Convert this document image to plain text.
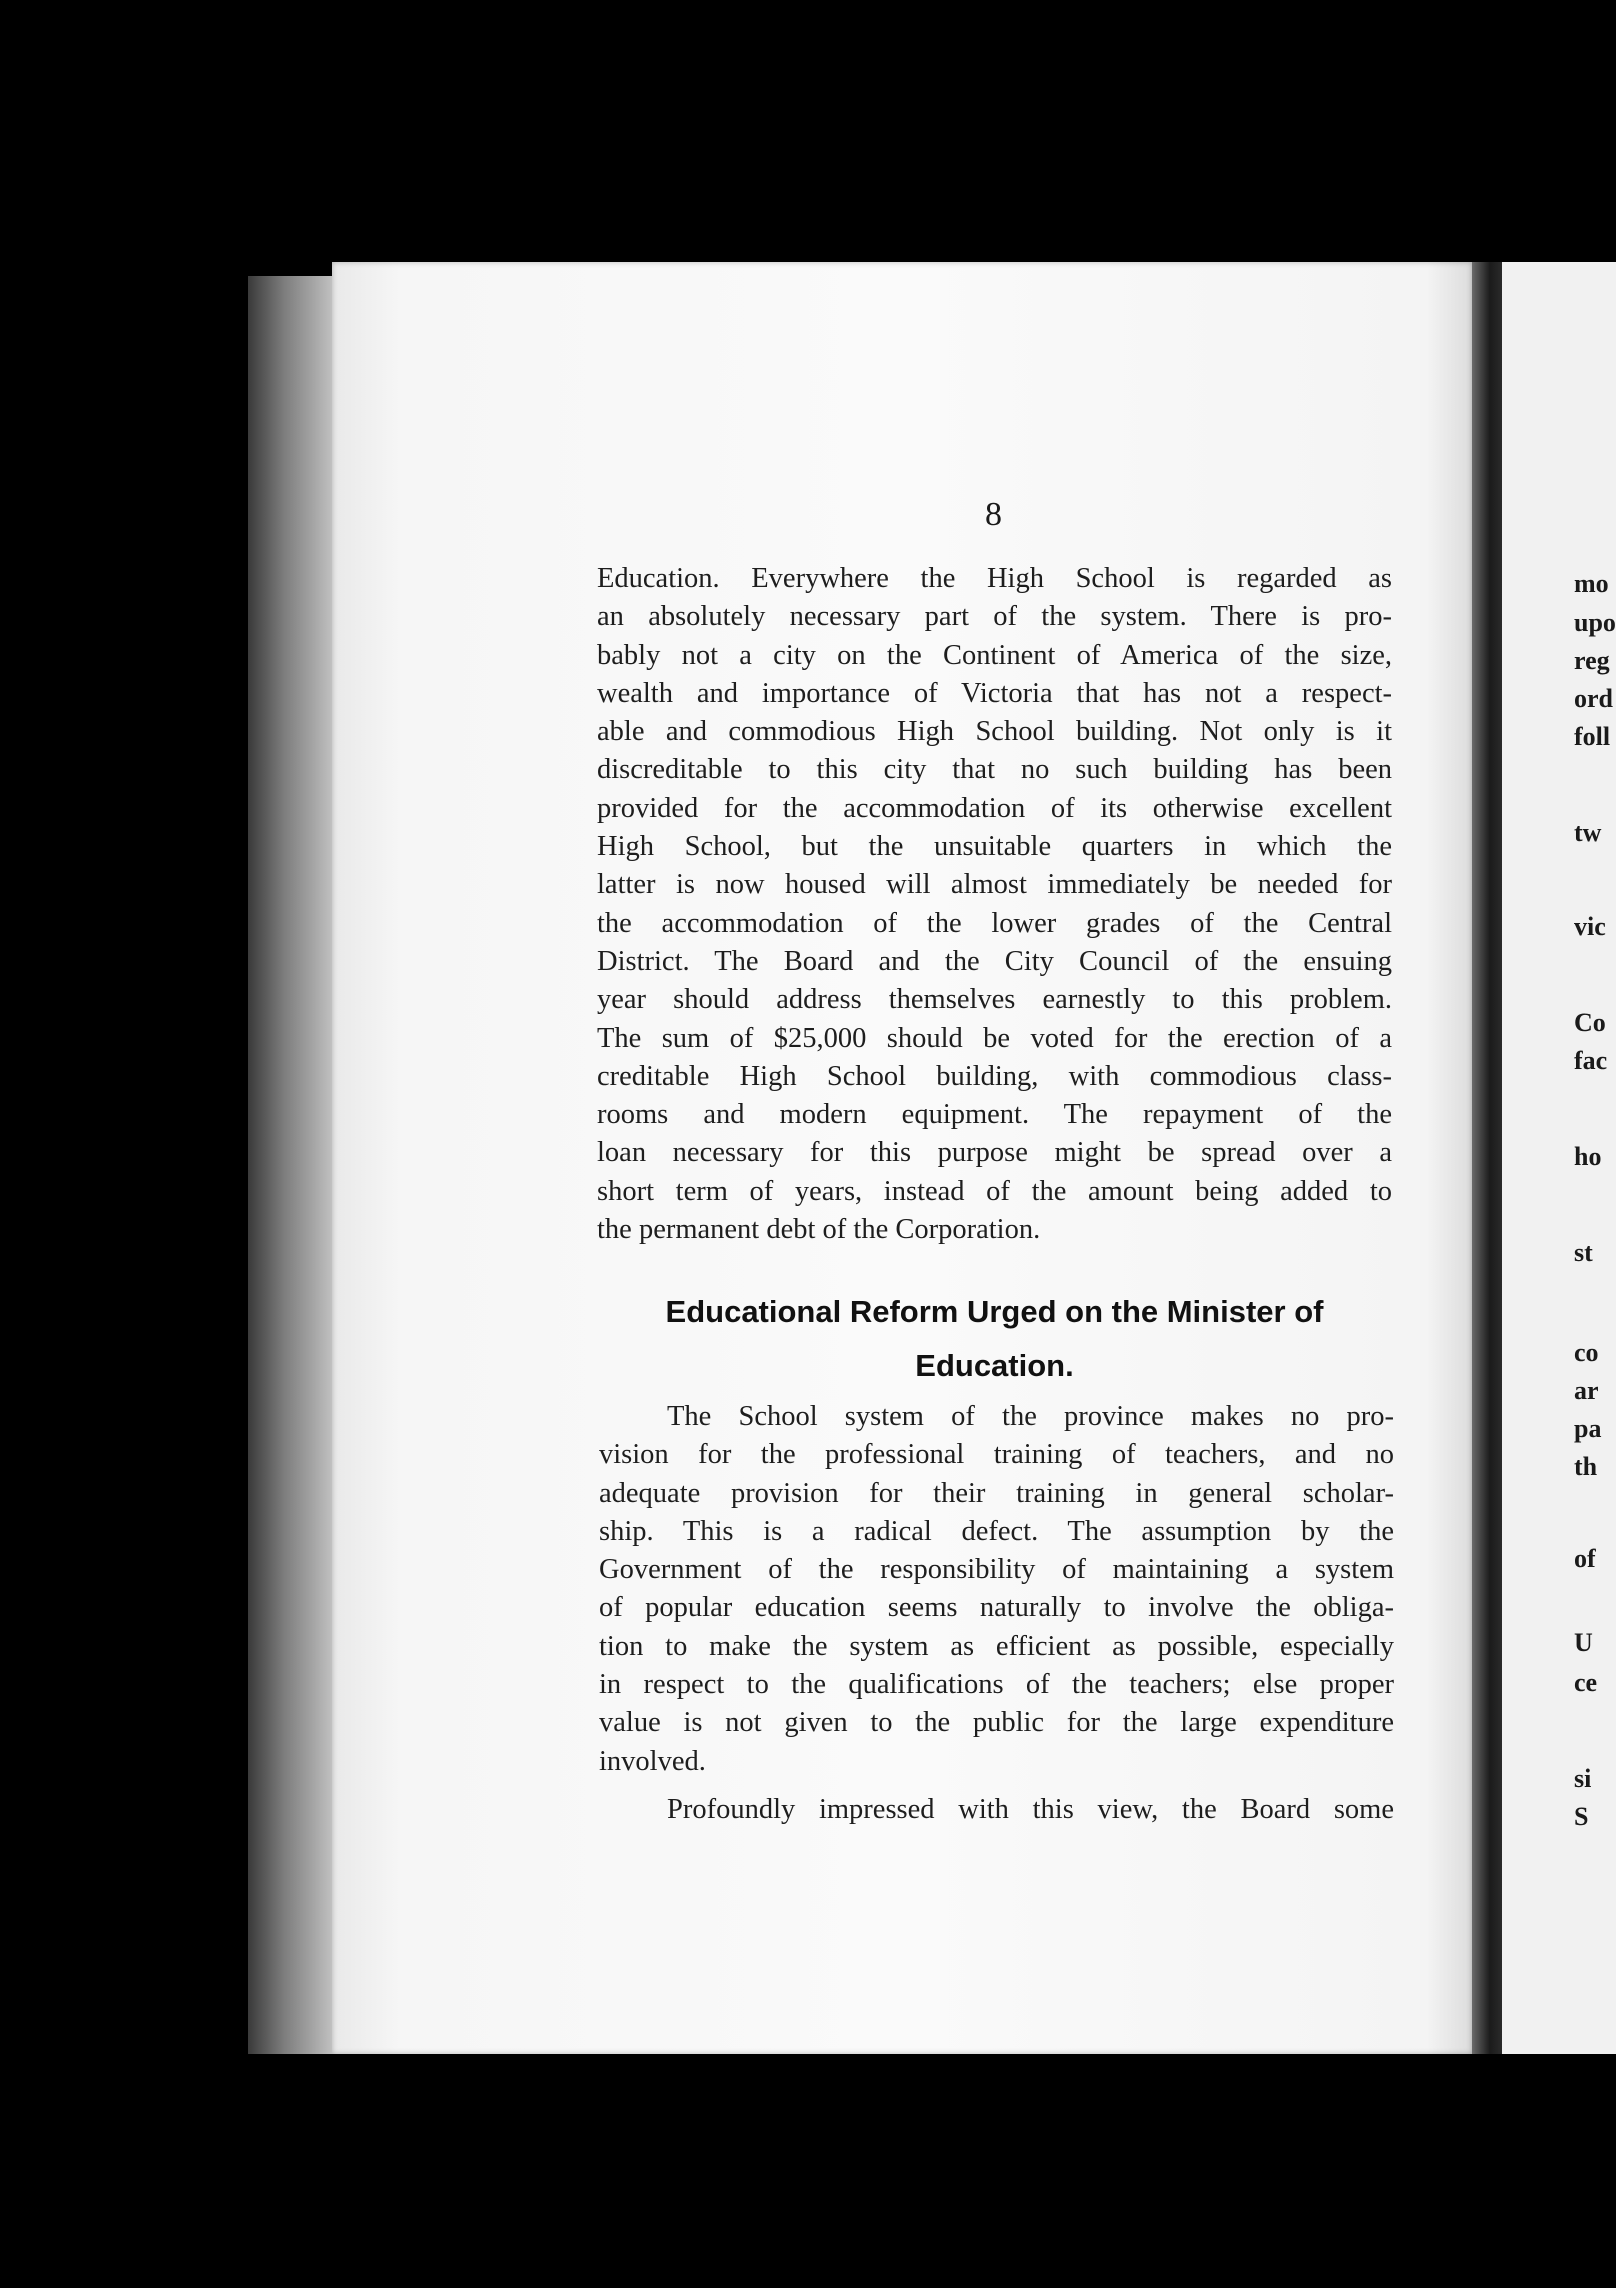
8
Education. Everywhere the High School is regarded as
an absolutely necessary part of the system. There is pro-
bably not a city on the Continent of America of the size,
wealth and importance of Victoria that has not a respect-
able and commodious High School building. Not only is it
discreditable to this city that no such building has been
provided for the accommodation of its otherwise excellent
High School, but the unsuitable quarters in which the
latter is now housed will almost immediately be needed for
the accommodation of the lower grades of the Central
District. The Board and the City Council of the ensuing
year should address themselves earnestly to this problem.
The sum of $25,000 should be voted for the erection of a
creditable High School building, with commodious class-
rooms and modern equipment. The repayment of the
loan necessary for this purpose might be spread over a
short term of years, instead of the amount being added to
the permanent debt of the Corporation.
Educational Reform Urged on the Minister of
Education.
The School system of the province makes no pro-
vision for the professional training of teachers, and no
adequate provision for their training in general scholar-
ship. This is a radical defect. The assumption by the
Government of the responsibility of maintaining a system
of popular education seems naturally to involve the obliga-
tion to make the system as efficient as possible, especially
in respect to the qualifications of the teachers; else proper
value is not given to the public for the large expenditure
involved.
Profoundly impressed with this view, the Board some
mo
upo
reg
ord
foll
tw
vic
Co
fac
ho
st
co
ar
pa
th
of
U
ce
si
S
